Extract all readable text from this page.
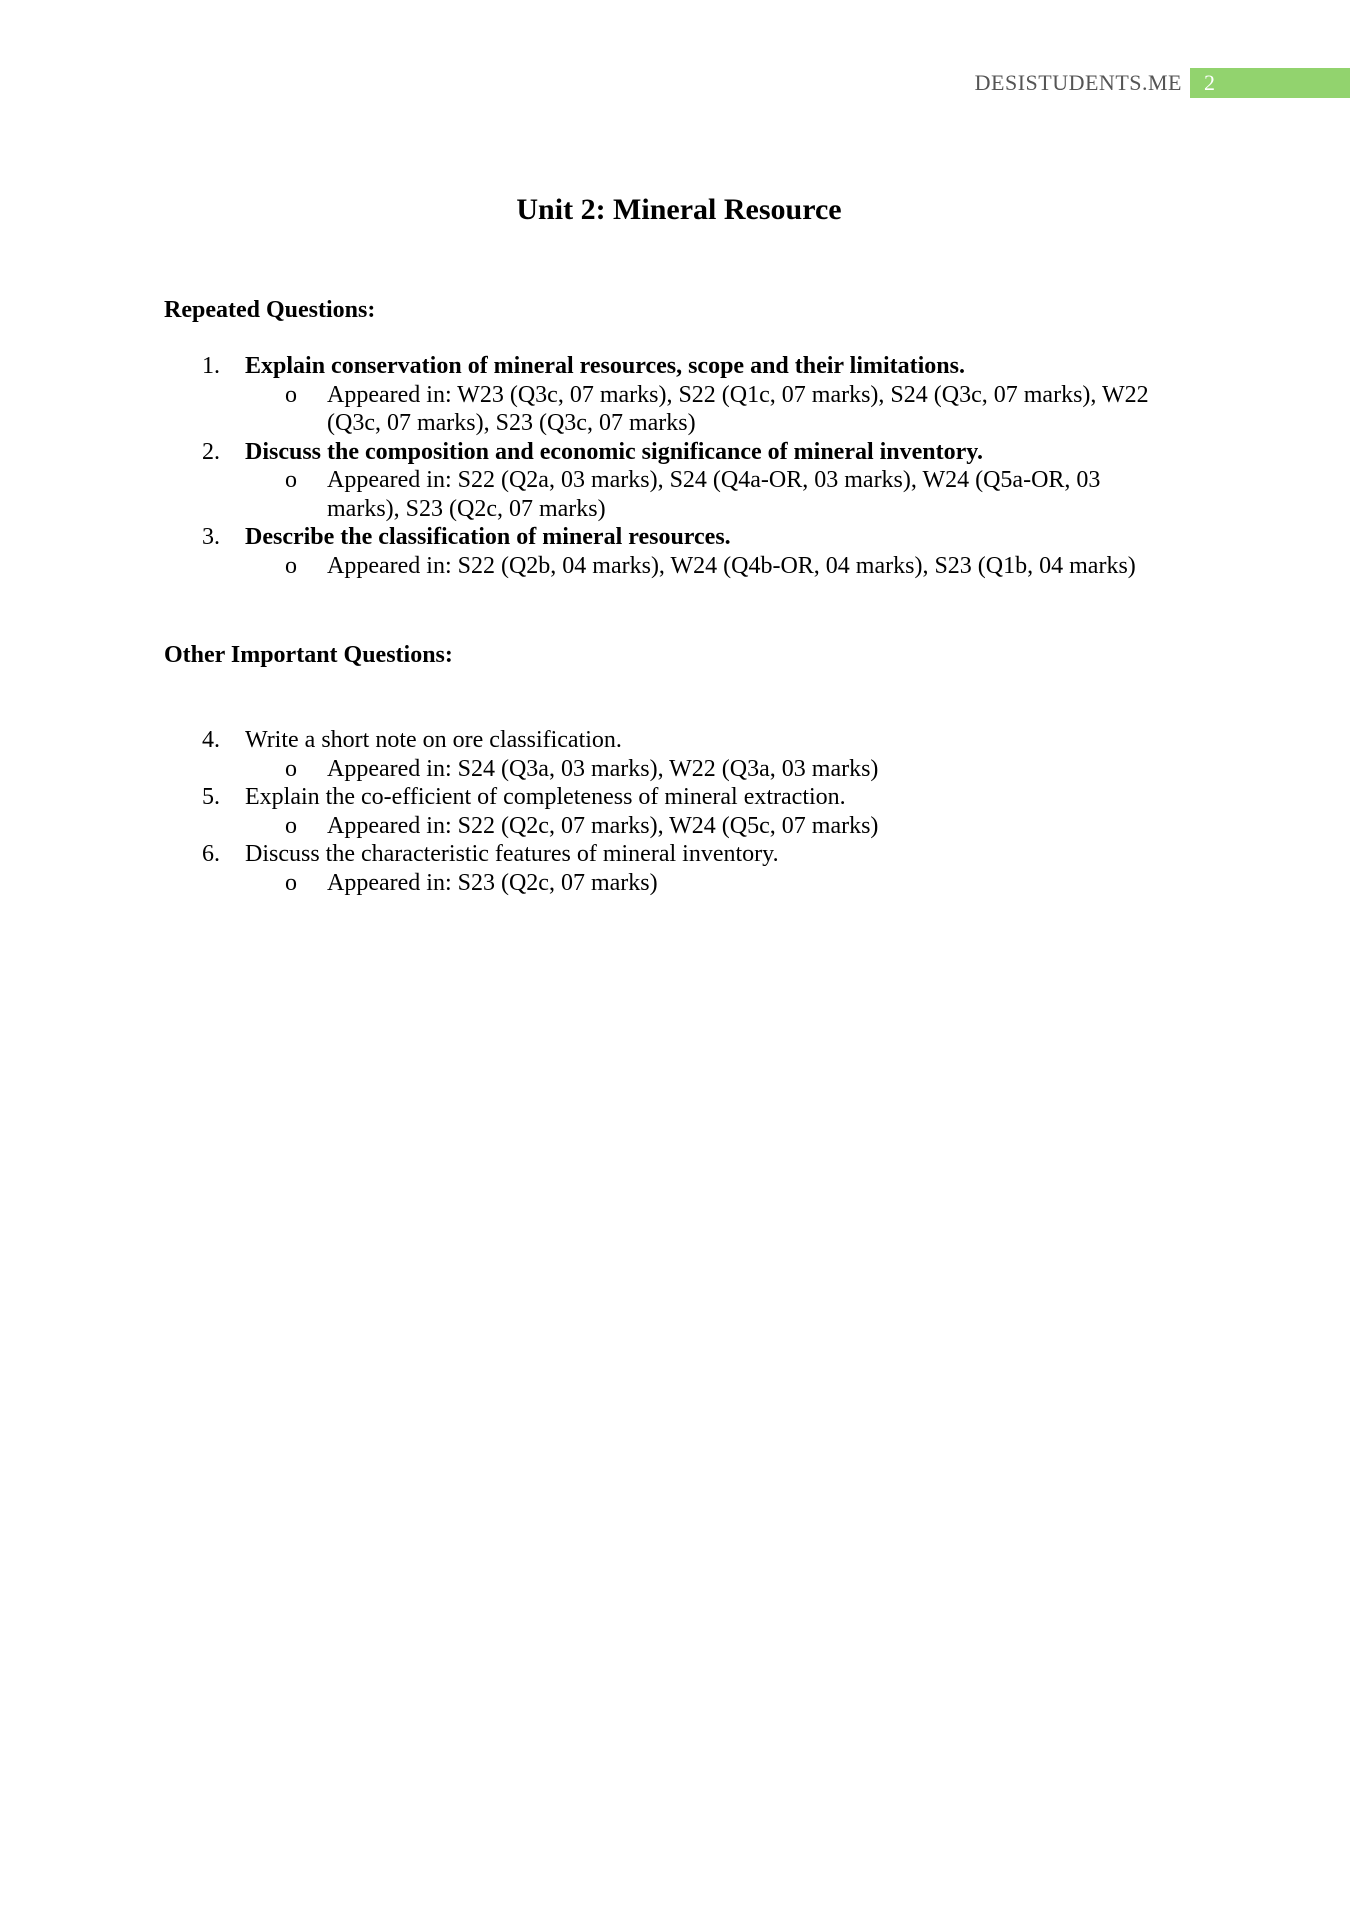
DESISTUDENTS.ME 2
Unit 2: Mineral Resource
Repeated Questions:
1. Explain conservation of mineral resources, scope and their limitations.
o Appeared in: W23 (Q3c, 07 marks), S22 (Q1c, 07 marks), S24 (Q3c, 07 marks), W22
(Q3c, 07 marks), S23 (Q3c, 07 marks)
2. Discuss the composition and economic significance of mineral inventory.
o Appeared in: S22 (Q2a, 03 marks), S24 (Q4a-OR, 03 marks), W24 (Q5a-OR, 03
marks), S23 (Q2c, 07 marks)
3. Describe the classification of mineral resources.
o Appeared in: S22 (Q2b, 04 marks), W24 (Q4b-OR, 04 marks), S23 (Q1b, 04 marks)
Other Important Questions:
4. Write a short note on ore classification.
o Appeared in: S24 (Q3a, 03 marks), W22 (Q3a, 03 marks)
5. Explain the co-efficient of completeness of mineral extraction.
o Appeared in: S22 (Q2c, 07 marks), W24 (Q5c, 07 marks)
6. Discuss the characteristic features of mineral inventory.
o Appeared in: S23 (Q2c, 07 marks)
